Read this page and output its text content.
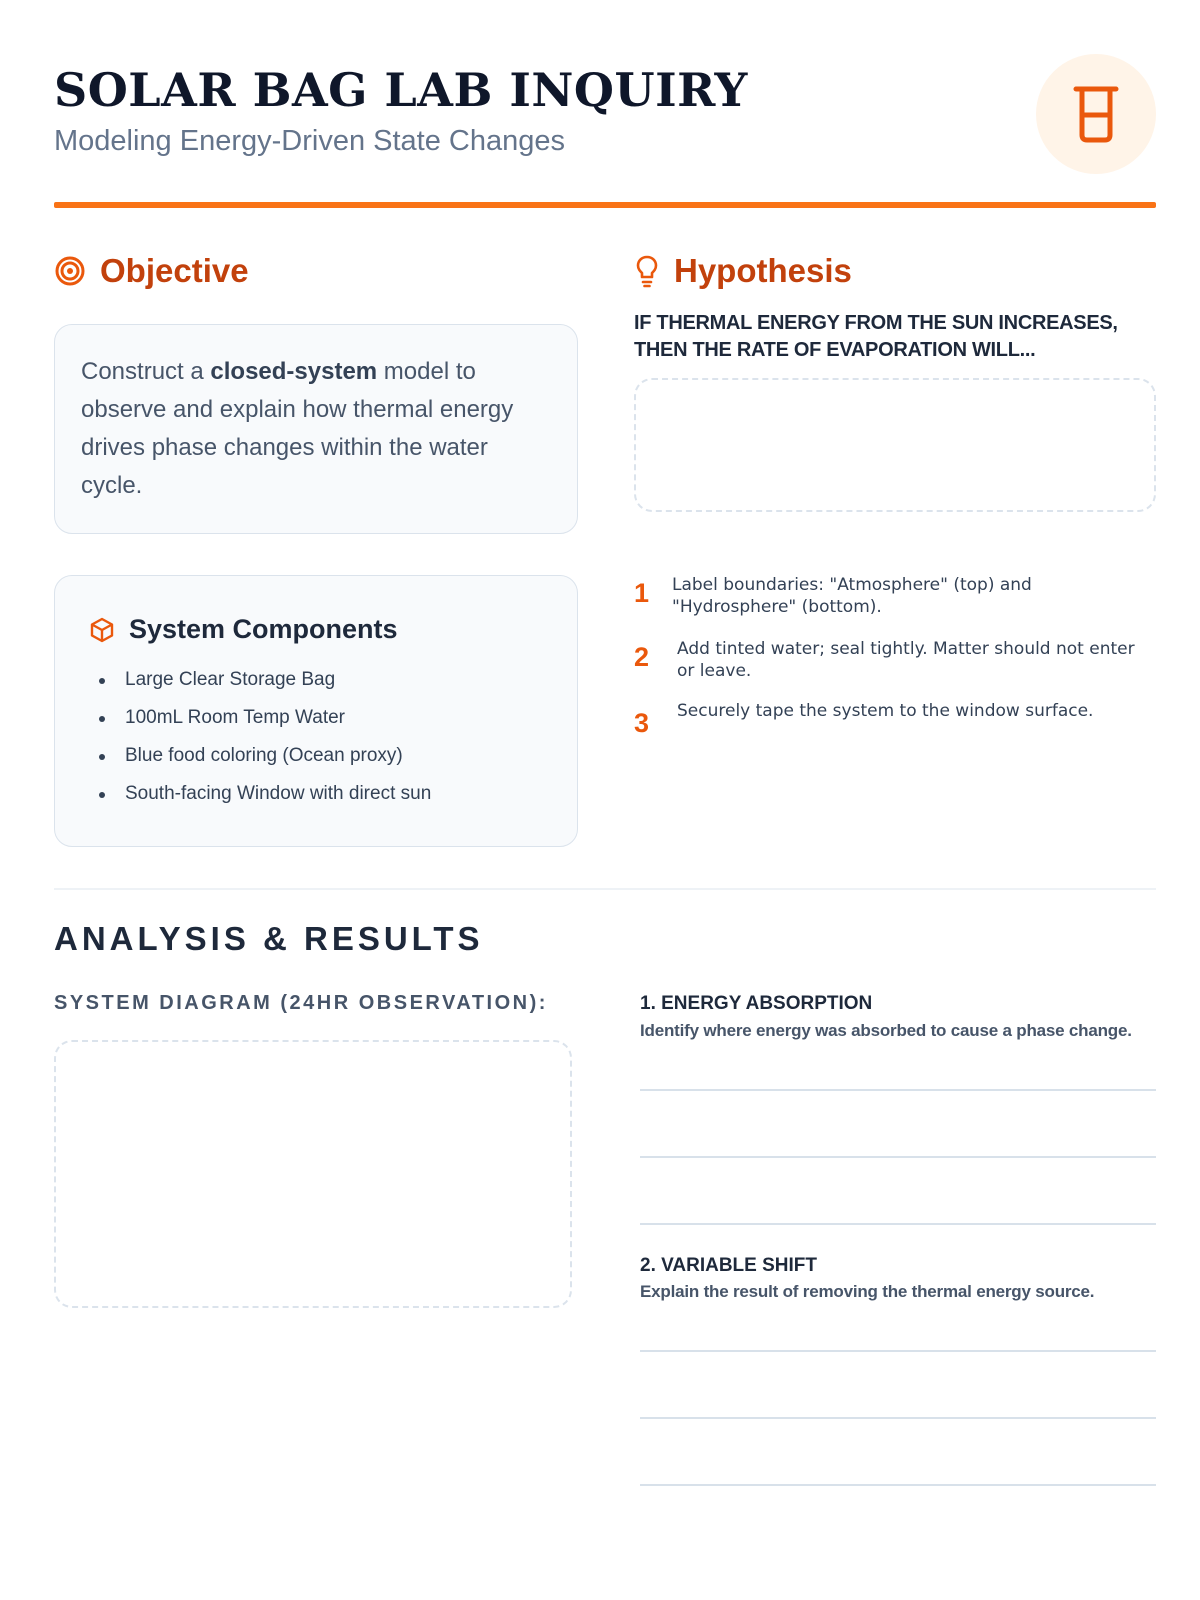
SOLAR BAG LAB INQUIRY
Modeling Energy-Driven State Changes
Objective
Construct a closed-system model to observe and explain how thermal energy drives phase changes within the water cycle.
System Components
Large Clear Storage Bag
100mL Room Temp Water
Blue food coloring (Ocean proxy)
South-facing Window with direct sun
Hypothesis
IF THERMAL ENERGY FROM THE SUN INCREASES, THEN THE RATE OF EVAPORATION WILL...
1 Label boundaries: "Atmosphere" (top) and "Hydrosphere" (bottom).
2 Add tinted water; seal tightly. Matter should not enter or leave.
3 Securely tape the system to the window surface.
ANALYSIS & RESULTS
SYSTEM DIAGRAM (24HR OBSERVATION):	1. ENERGY ABSORPTION
Identify where energy was absorbed to cause a phase change.
2. VARIABLE SHIFT
Explain the result of removing the thermal energy source.
